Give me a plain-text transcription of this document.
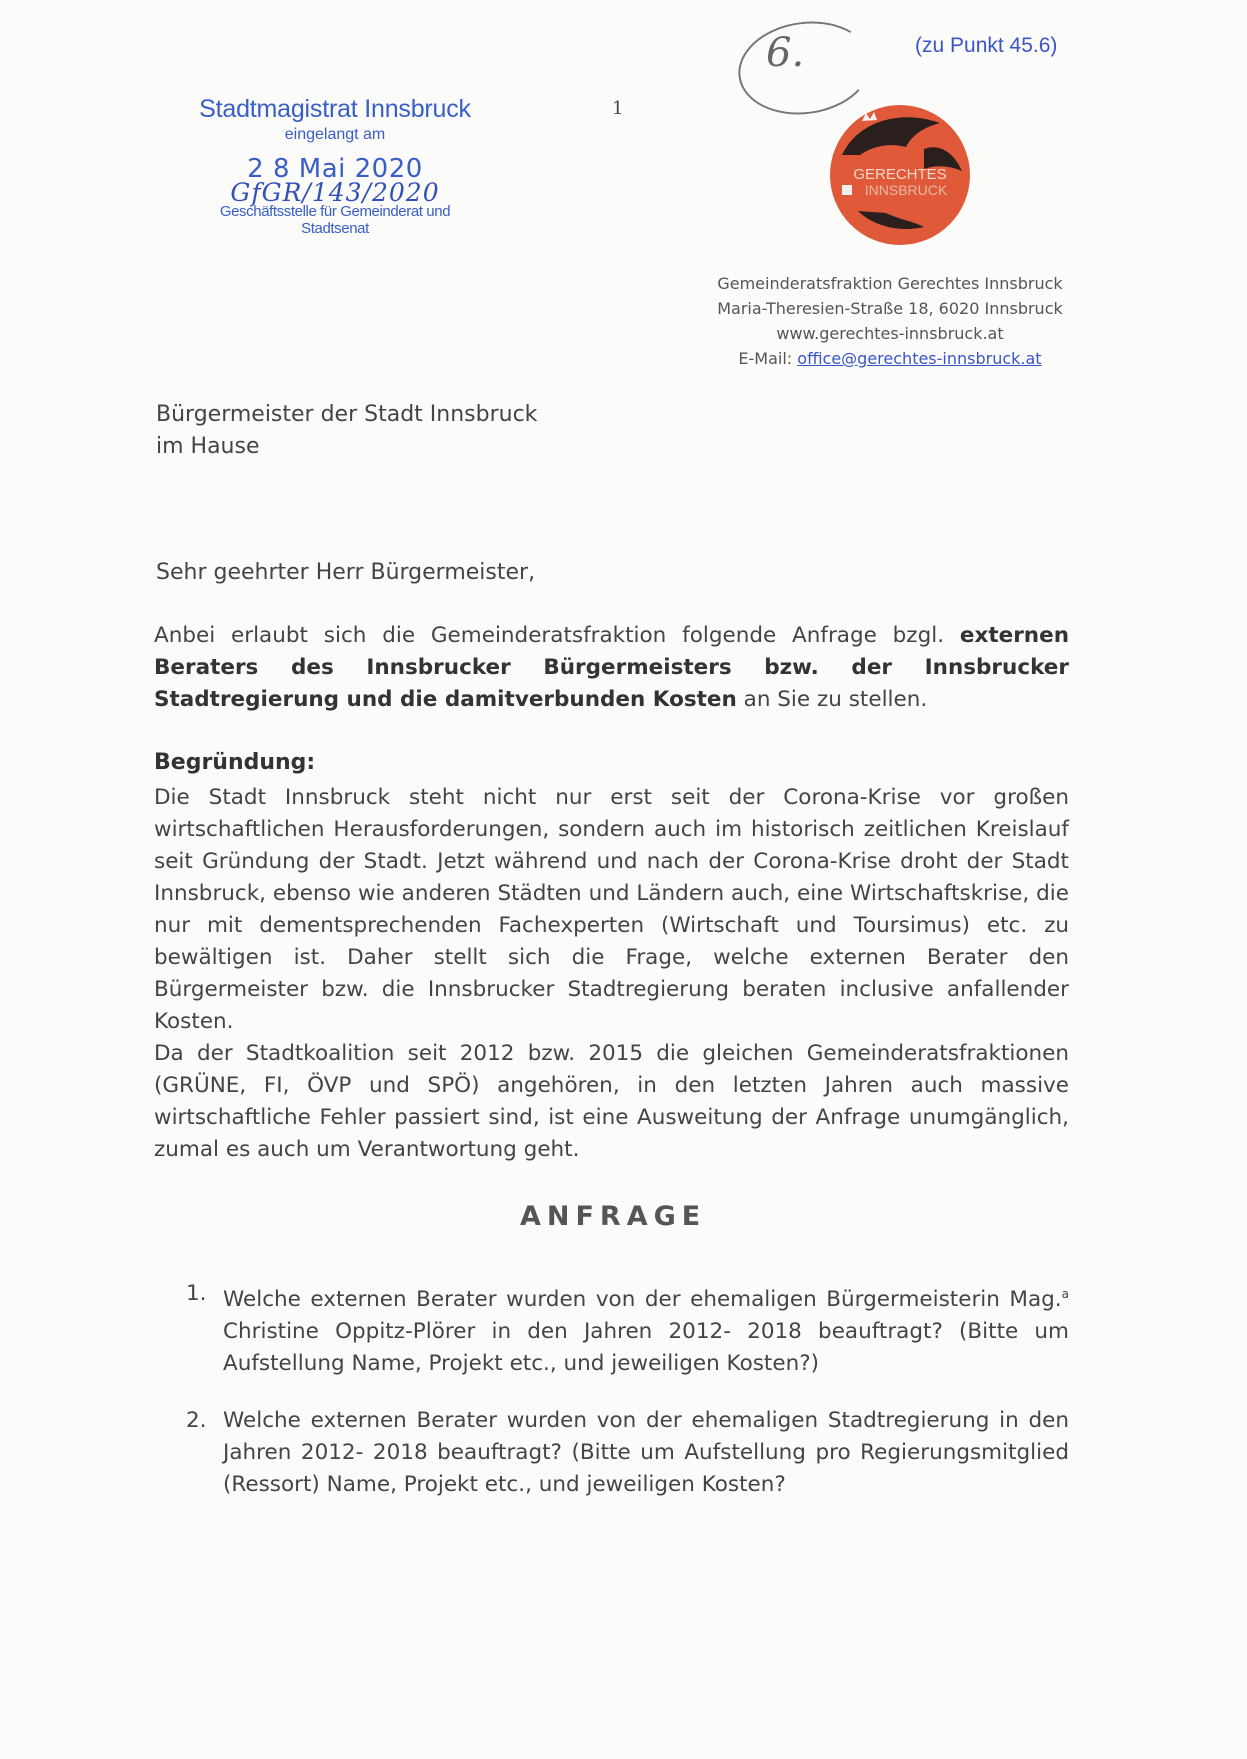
(zu Punkt 45.6)
6.
1
Stadtmagistrat Innsbruck
eingelangt am
2 8 Mai 2020
GfGR/143/2020
Geschäftsstelle für Gemeinderat und Stadtsenat
GERECHTES
INNSBRUCK
Gemeinderatsfraktion Gerechtes Innsbruck
Maria-Theresien-Straße 18, 6020 Innsbruck
www.gerechtes-innsbruck.at
E-Mail: office@gerechtes-innsbruck.at
Bürgermeister der Stadt Innsbruck
im Hause
Sehr geehrter Herr Bürgermeister,
Anbei erlaubt sich die Gemeinderatsfraktion folgende Anfrage bzgl. externen Beraters des Innsbrucker Bürgermeisters bzw. der Innsbrucker Stadtregierung und die damitverbunden Kosten an Sie zu stellen.
Begründung:
Die Stadt Innsbruck steht nicht nur erst seit der Corona-Krise vor großen wirtschaftlichen Herausforderungen, sondern auch im historisch zeitlichen Kreislauf seit Gründung der Stadt. Jetzt während und nach der Corona-Krise droht der Stadt Innsbruck, ebenso wie anderen Städten und Ländern auch, eine Wirtschaftskrise, die nur mit dementsprechenden Fachexperten (Wirtschaft und Toursimus) etc. zu bewältigen ist. Daher stellt sich die Frage, welche externen Berater den Bürgermeister bzw. die Innsbrucker Stadtregierung beraten inclusive anfallender Kosten.
Da der Stadtkoalition seit 2012 bzw. 2015 die gleichen Gemeinderatsfraktionen (GRÜNE, FI, ÖVP und SPÖ) angehören, in den letzten Jahren auch massive wirtschaftliche Fehler passiert sind, ist eine Ausweitung der Anfrage unumgänglich, zumal es auch um Verantwortung geht.
ANFRAGE
1. Welche externen Berater wurden von der ehemaligen Bürgermeisterin Mag.$^a$ Christine Oppitz-Plörer in den Jahren 2012- 2018 beauftragt? (Bitte um Aufstellung Name, Projekt etc., und jeweiligen Kosten?)
2. Welche externen Berater wurden von der ehemaligen Stadtregierung in den Jahren 2012- 2018 beauftragt? (Bitte um Aufstellung pro Regierungsmitglied (Ressort) Name, Projekt etc., und jeweiligen Kosten?
